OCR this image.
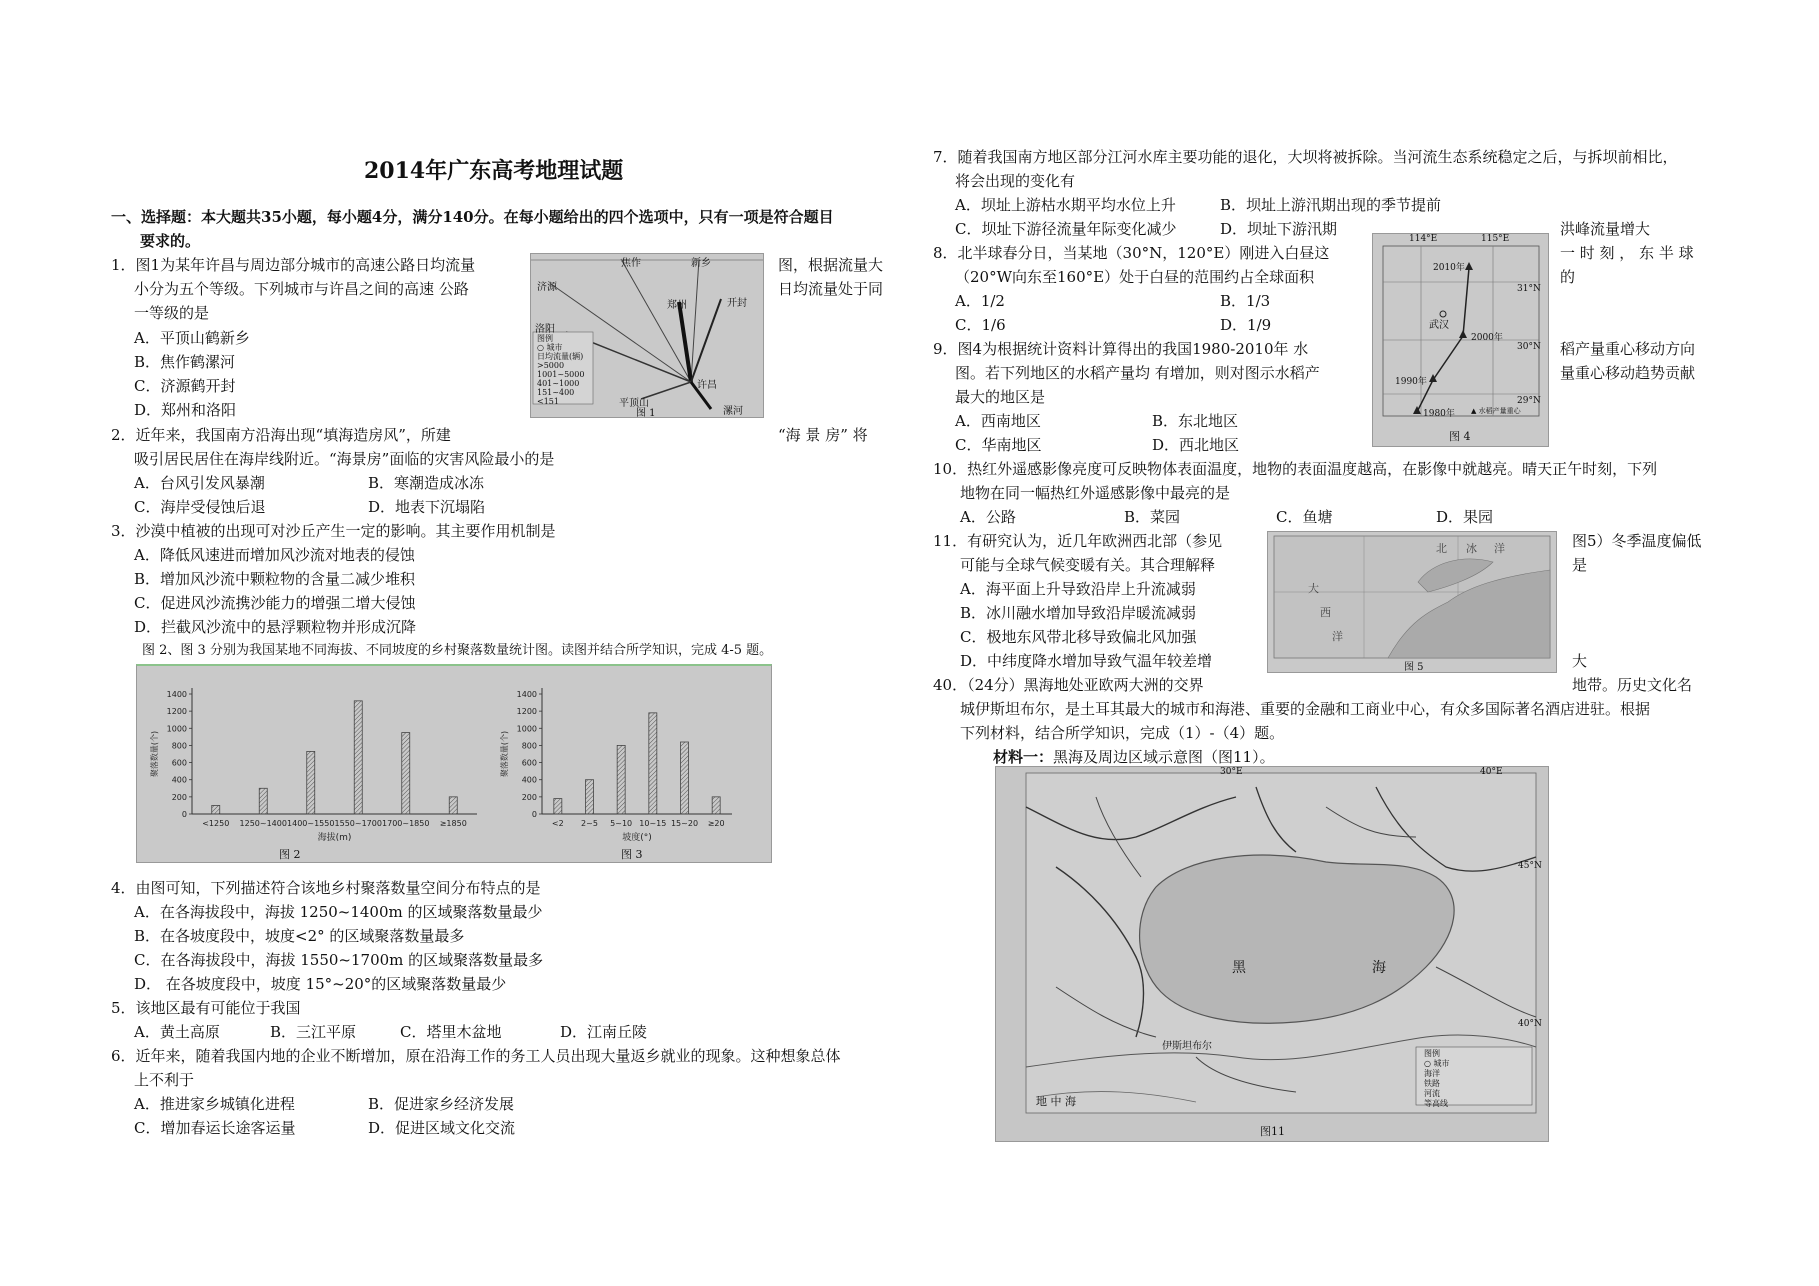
2014年广东高考地理试题
一、选择题：本大题共35小题，每小题4分，满分140分。在每小题给出的四个选项中，只有一项是符合题目
要求的。
1．图1为某年许昌与周边部分城市的高速公路日均流量
小分为五个等级。下列城市与许昌之间的高速 公路
一等级的是
图，根据流量大
日均流量处于同
A．平顶山鹤新乡
B．焦作鹤漯河
C．济源鹤开封
D．郑州和洛阳
焦作	新乡
济源
郑州	开封
洛阳
许昌
平顶山
漯河
图例
○ 城市
日均流量(辆)
>5000
1001~5000
401~1000
151~400
<151
图 1
2．近年来，我国南方沿海出现“填海造房风”，所建	“海 景 房” 将
吸引居民居住在海岸线附近。“海景房”面临的灾害风险最小的是
A．台风引发风暴潮	B．寒潮造成冰冻
C．海岸受侵蚀后退	D．地表下沉塌陷
3．沙漠中植被的出现可对沙丘产生一定的影响。其主要作用机制是
A．降低风速进而增加风沙流对地表的侵蚀
B．增加风沙流中颗粒物的含量二减少堆积
C．促进风沙流携沙能力的增强二增大侵蚀
D．拦截风沙流中的悬浮颗粒物并形成沉降
图 2、图 3 分别为我国某地不同海拔、不同坡度的乡村聚落数量统计图。读图并结合所学知识，完成 4-5 题。
0
200
400
600
800
1000
1200
1400
<1250 1250~1400 1400~1550 1550~1700 1700~1850 ≥1850
海拔(m)
聚落数量(个)
0
200
400
600
800
1000
1200
1400
<2 2~5 5~10 10~15 15~20 ≥20
坡度(°)
聚落数量(个)
图 2	图 3
4．由图可知，下列描述符合该地乡村聚落数量空间分布特点的是
A．在各海拔段中，海拔 1250~1400m 的区域聚落数量最少
B．在各坡度段中，坡度<2° 的区域聚落数量最多
C．在各海拔段中，海拔 1550~1700m 的区域聚落数量最多
D． 在各坡度段中，坡度 15°~20°的区域聚落数量最少
5．该地区最有可能位于我国
A．黄土高原	B．三江平原	C．塔里木盆地	D．江南丘陵
6．近年来，随着我国内地的企业不断增加，原在沿海工作的务工人员出现大量返乡就业的现象。这种想象总体
上不利于
A．推进家乡城镇化进程	B．促进家乡经济发展
C．增加春运长途客运量	D．促进区域文化交流
7．随着我国南方地区部分江河水库主要功能的退化，大坝将被拆除。当河流生态系统稳定之后，与拆坝前相比，
将会出现的变化有
A．坝址上游枯水期平均水位上升	B．坝址上游汛期出现的季节提前
C．坝址下游径流量年际变化减少	D．坝址下游汛期	洪峰流量增大
8．北半球春分日，当某地（30°N，120°E）刚进入白昼这
（20°W向东至160°E）处于白昼的范围约占全球面积
一 时 刻 ， 东 半 球
的
A．1/2	B．1/3
C．1/6	D．1/9
114°E	115°E
31°N
30°N
29°N
武汉
2010年
2000年
1990年
1980年 ▲ 水稻产量重心
图 4
9．图4为根据统计资料计算得出的我国1980-2010年 水
图。若下列地区的水稻产量均 有增加，则对图示水稻产
最大的地区是
稻产量重心移动方向
量重心移动趋势贡献
A．西南地区	B．东北地区
C．华南地区	D．西北地区
10．热红外遥感影像亮度可反映物体表面温度，地物的表面温度越高，在影像中就越亮。晴天正午时刻，下列
地物在同一幅热红外遥感影像中最亮的是
A．公路	B．菜园	C．鱼塘	D．果园
11．有研究认为，近几年欧洲西北部（参见
可能与全球气候变暖有关。其合理解释
图5）冬季温度偏低
是
A．海平面上升导致沿岸上升流减弱
B．冰川融水增加导致沿岸暖流减弱
C．极地东风带北移导致偏北风加强
D．中纬度降水增加导致气温年较差增	大
北 冰 洋
大
西
洋
图 5
40．（24分）黑海地处亚欧两大洲的交界	地带。历史文化名
城伊斯坦布尔，是土耳其最大的城市和海港、重要的金融和工商业中心，有众多国际著名酒店进驻。根据
下列材料，结合所学知识，完成（1）-（4）题。
材料一：黑海及周边区域示意图（图11）。
黑	海
30°E	40°E
45°N
40°N
伊斯坦布尔
地 中 海
图例
○ 城市
海洋
铁路
河流
等高线
图11
